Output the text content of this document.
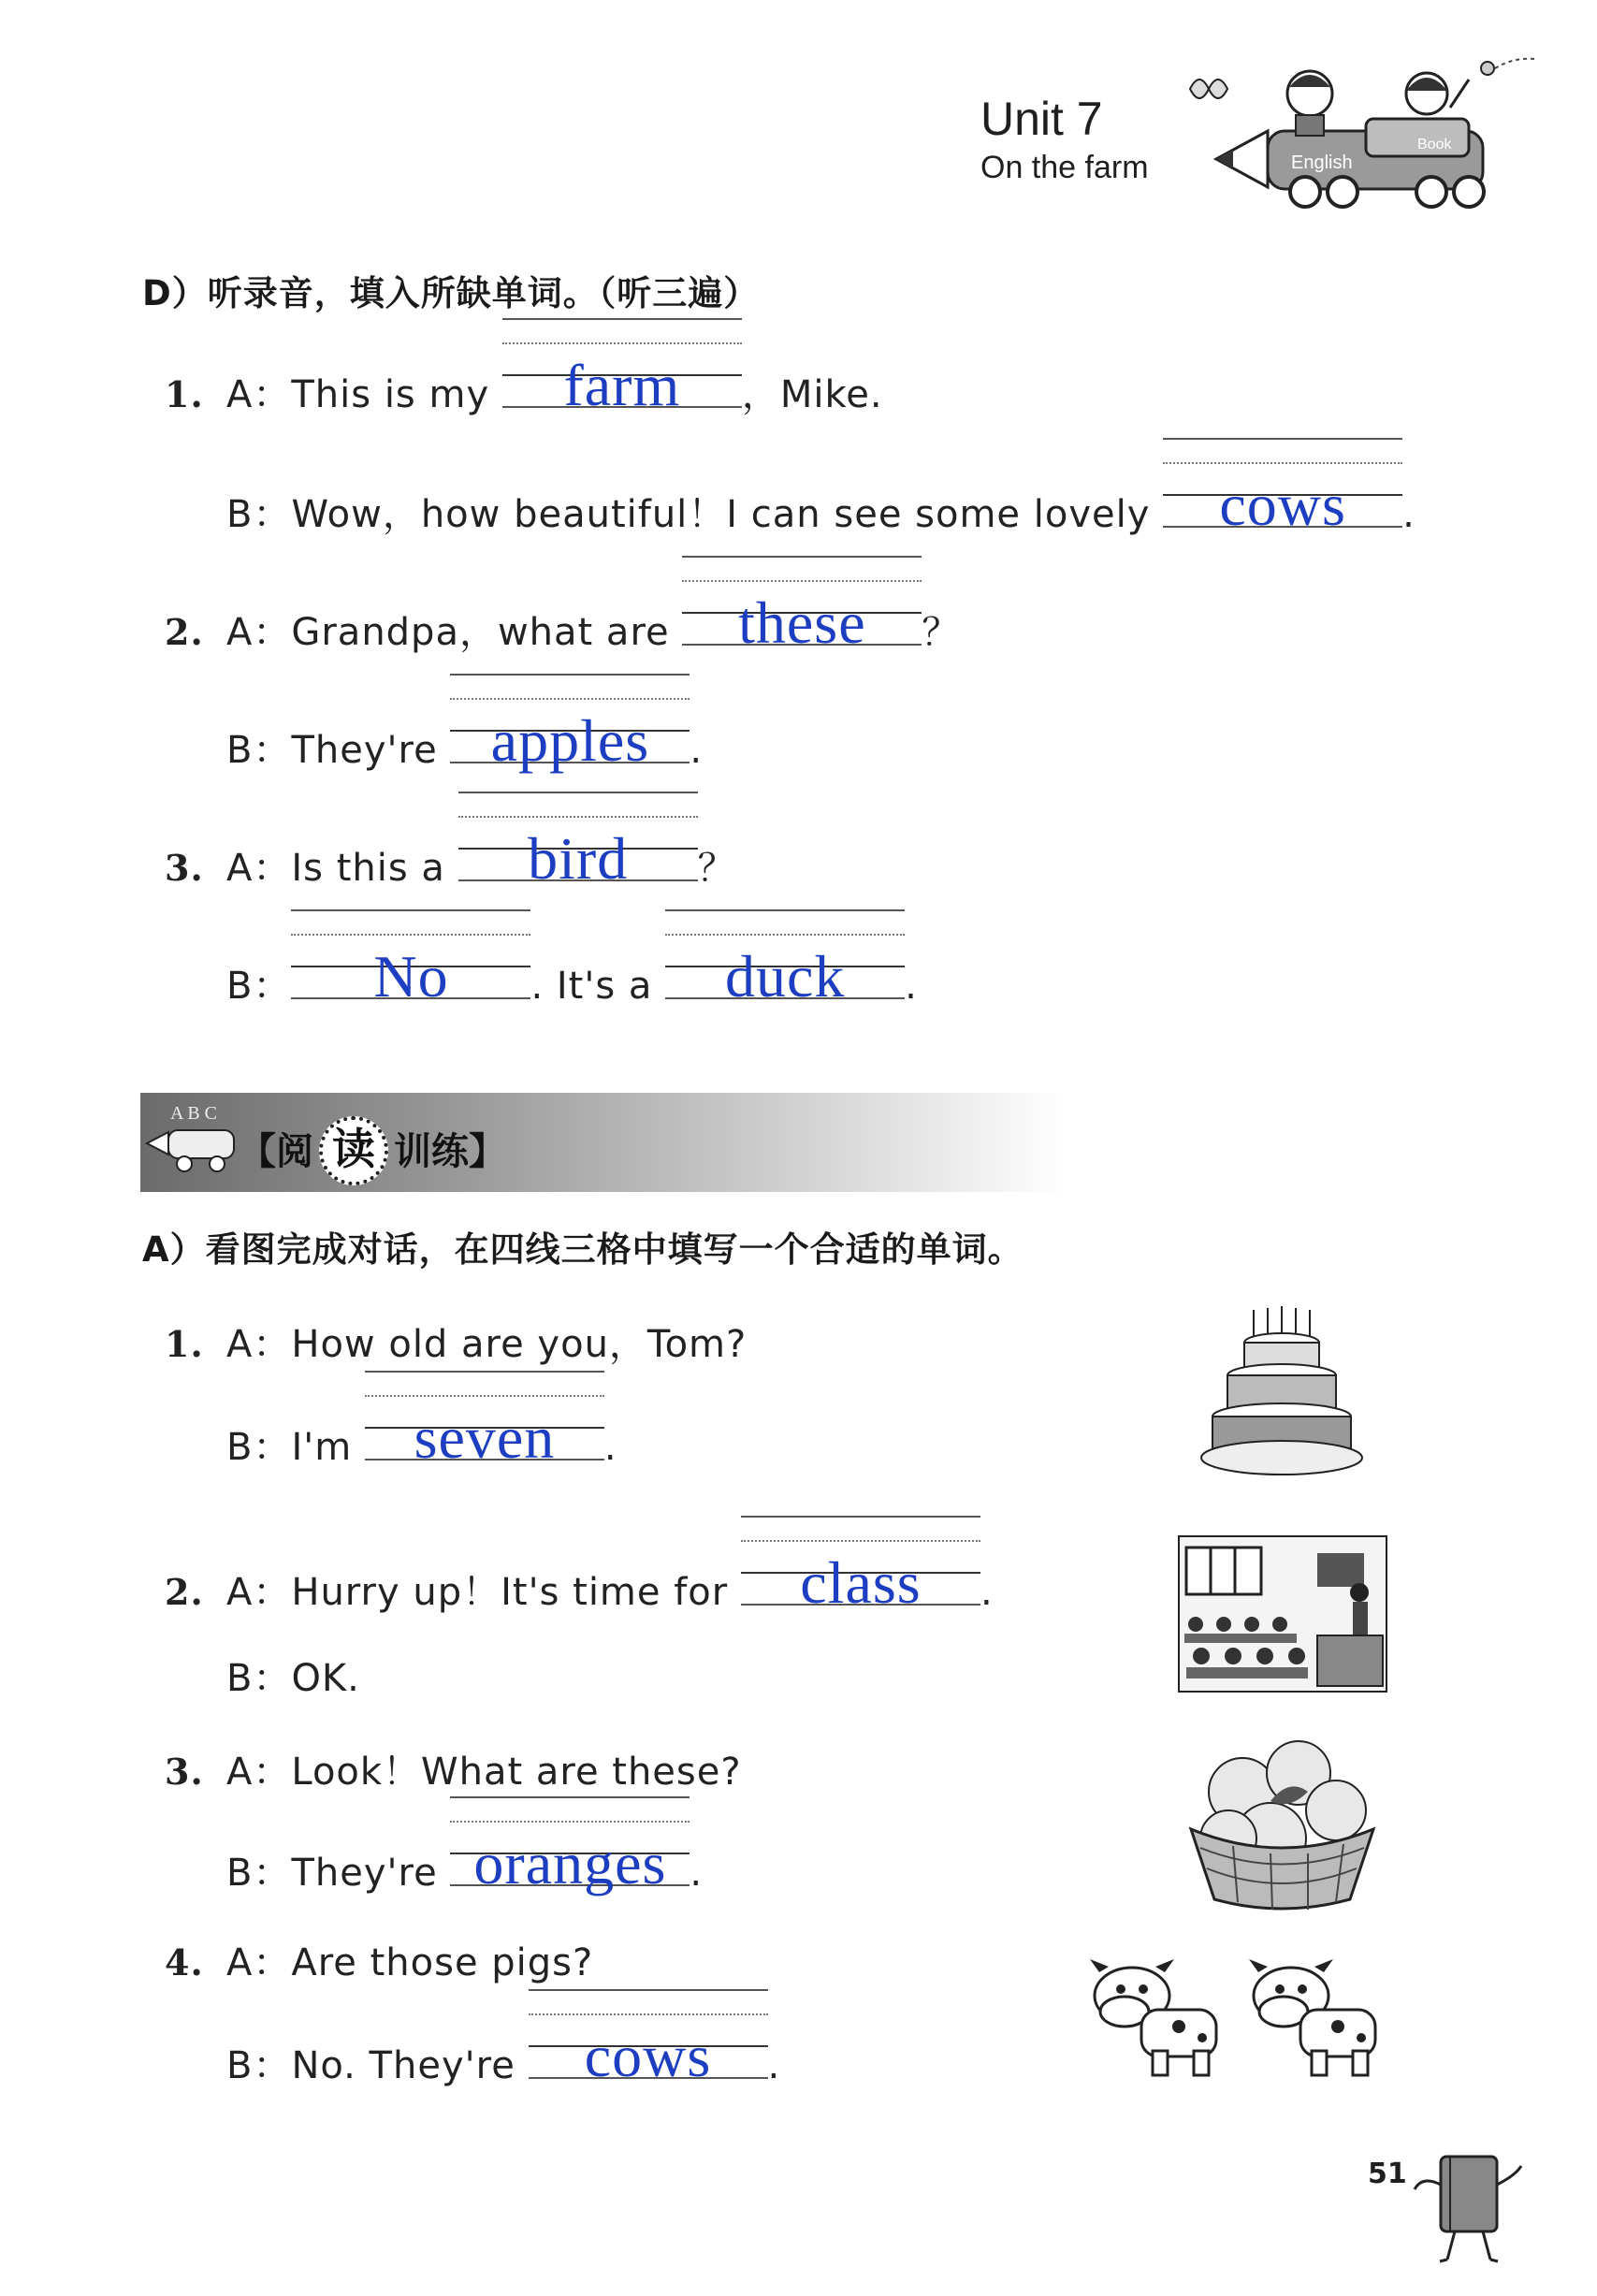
Unit 7
On the farm	English
Book
D）听录音，填入所缺单词。（听三遍）
1. A：This is my
farm ，Mike.
B：Wow，how beautiful！I can see some lovely
cows .
2. A：Grandpa，what are
these ？
B：They're
apples .
3. A：Is this a
bird ？
B： No . It's a
duck .
A B C
【阅 读 训练】
A）看图完成对话，在四线三格中填写一个合适的单词。
1. A：How old are you，Tom?
B：I'm
seven .
2. A：Hurry up！It's time for
class .
B：OK.
3. A：Look！What are these?
B：They're
oranges .
4. A：Are those pigs?
B：No. They're
cows .
51
